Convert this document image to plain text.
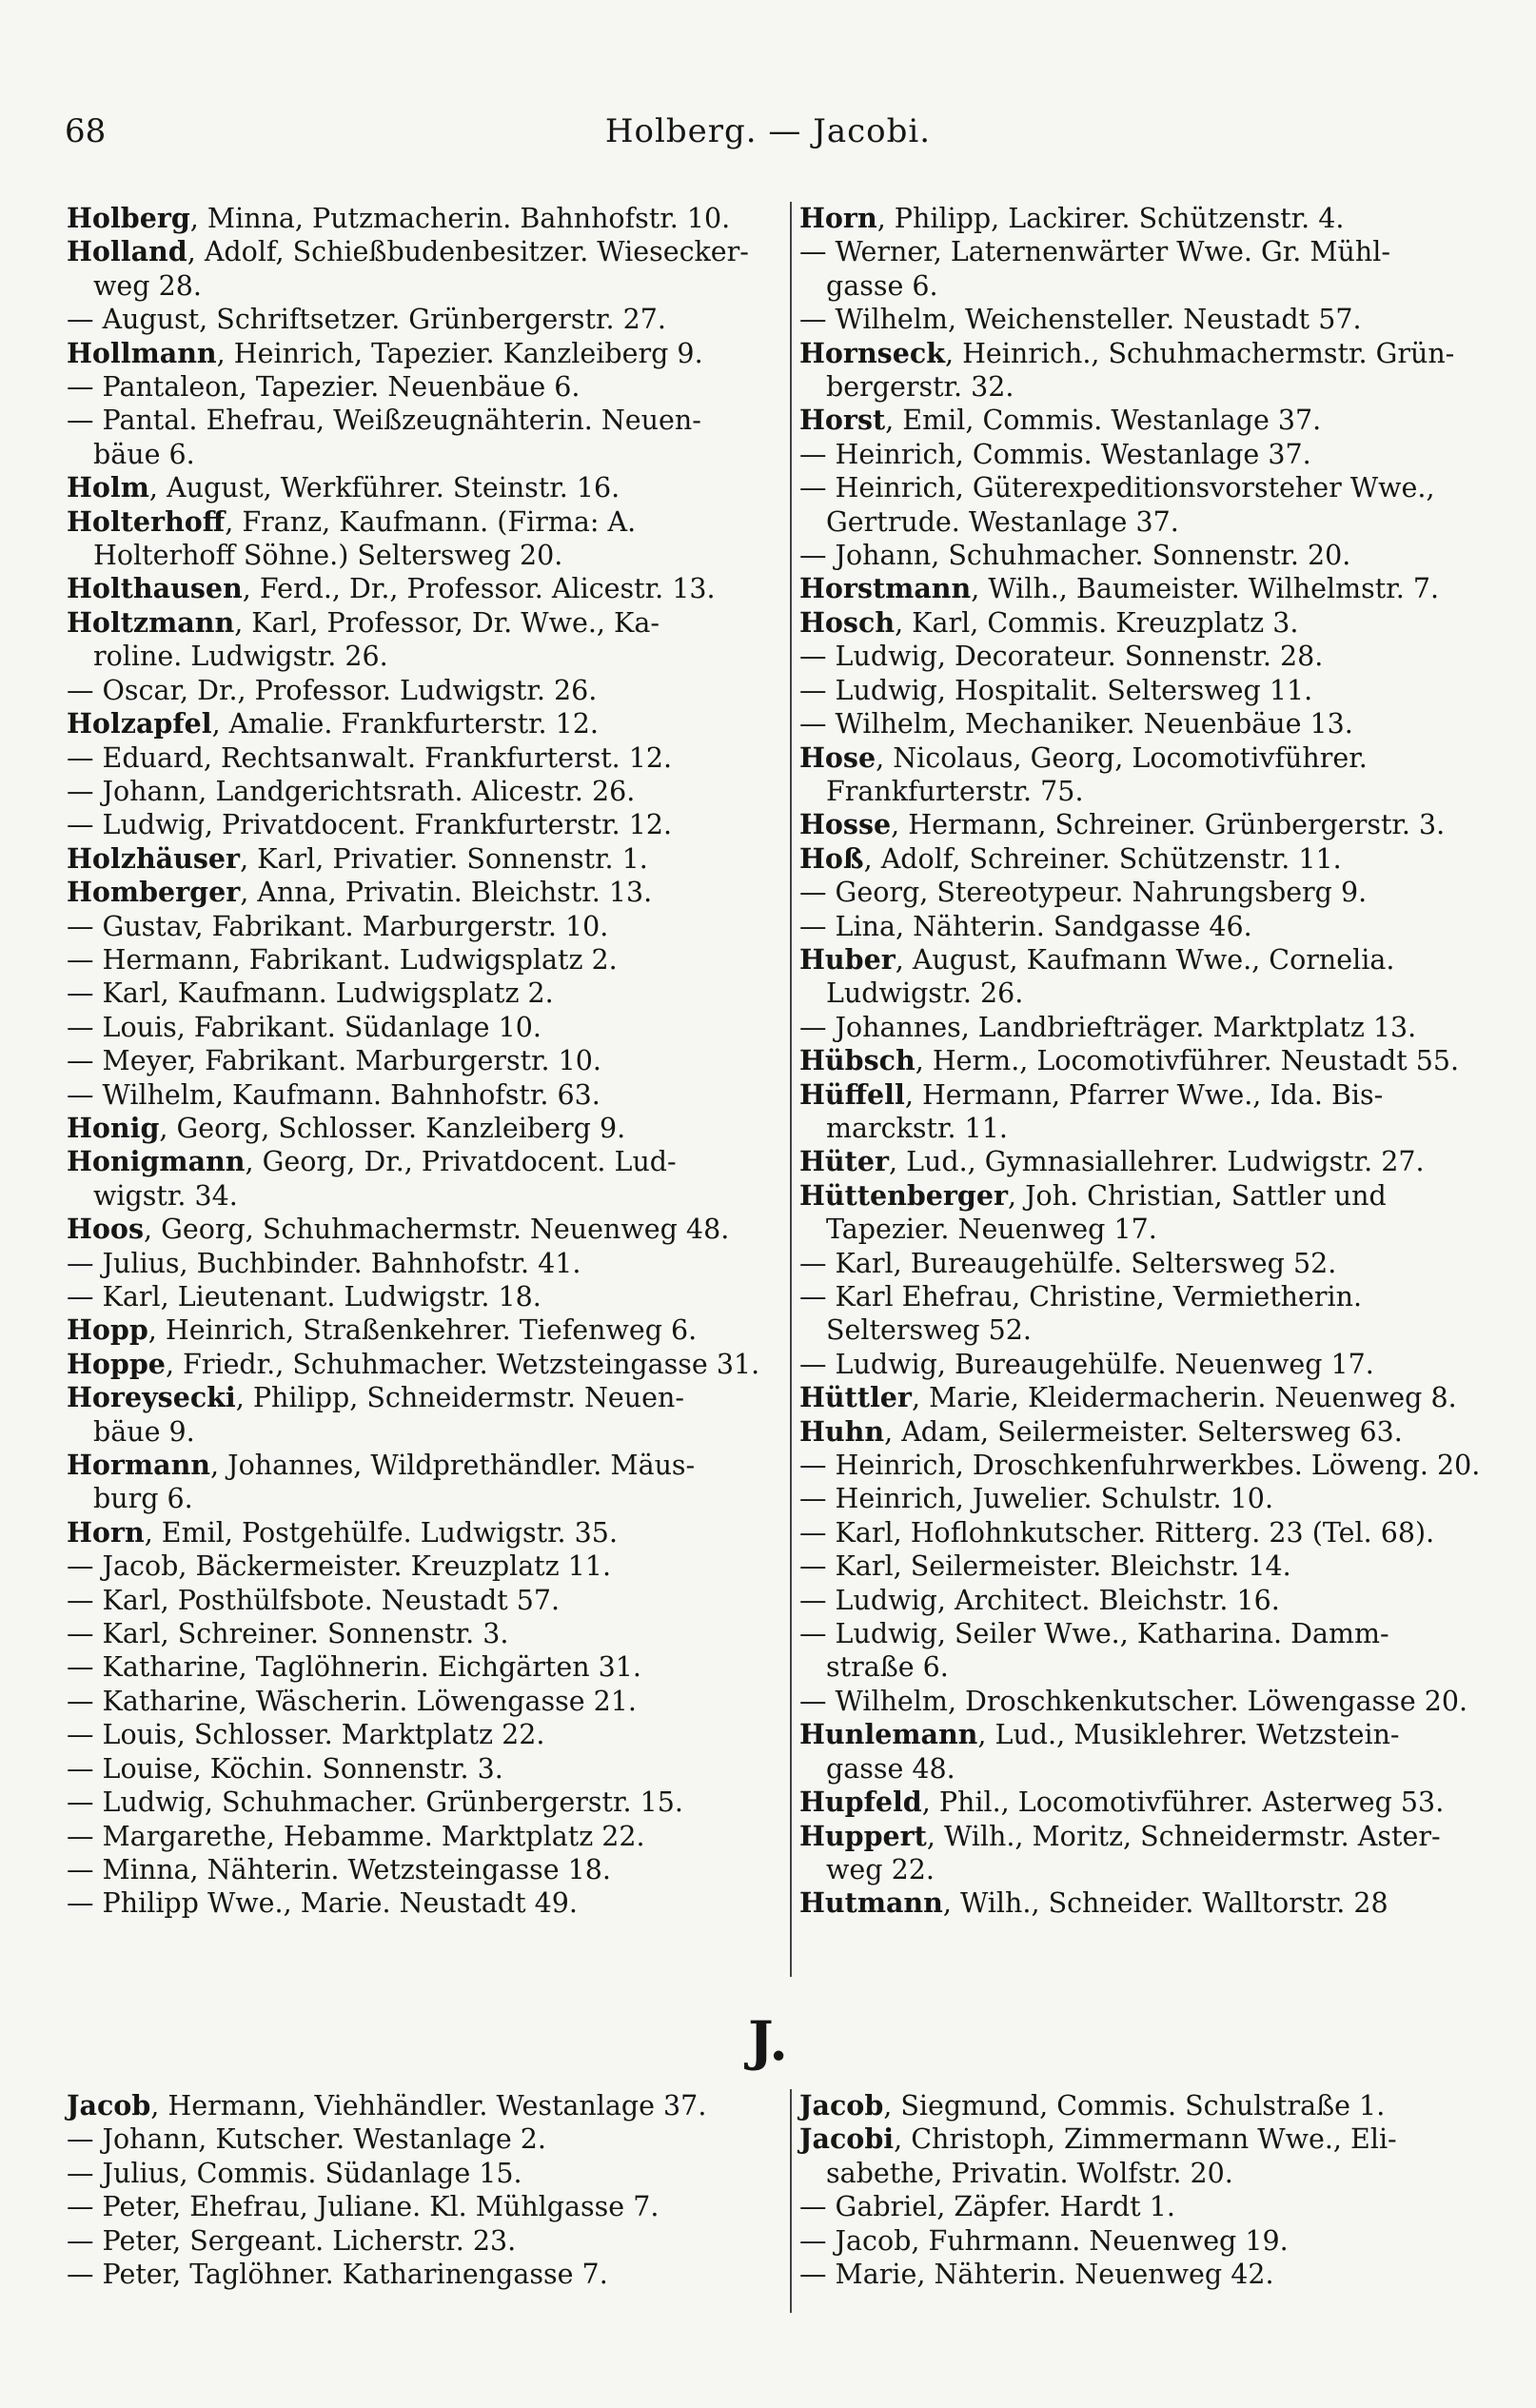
68	Holberg. — Jacobi.
Holberg, Minna, Putzmacherin. Bahnhofstr. 10.
Holland, Adolf, Schießbudenbesitzer. Wiesecker-
weg 28.
— August, Schriftsetzer. Grünbergerstr. 27.
Hollmann, Heinrich, Tapezier. Kanzleiberg 9.
— Pantaleon, Tapezier. Neuenbäue 6.
— Pantal. Ehefrau, Weißzeugnähterin. Neuen-
bäue 6.
Holm, August, Werkführer. Steinstr. 16.
Holterhoff, Franz, Kaufmann. (Firma: A.
Holterhoff Söhne.) Seltersweg 20.
Holthausen, Ferd., Dr., Professor. Alicestr. 13.
Holtzmann, Karl, Professor, Dr. Wwe., Ka-
roline. Ludwigstr. 26.
— Oscar, Dr., Professor. Ludwigstr. 26.
Holzapfel, Amalie. Frankfurterstr. 12.
— Eduard, Rechtsanwalt. Frankfurterst. 12.
— Johann, Landgerichtsrath. Alicestr. 26.
— Ludwig, Privatdocent. Frankfurterstr. 12.
Holzhäuser, Karl, Privatier. Sonnenstr. 1.
Homberger, Anna, Privatin. Bleichstr. 13.
— Gustav, Fabrikant. Marburgerstr. 10.
— Hermann, Fabrikant. Ludwigsplatz 2.
— Karl, Kaufmann. Ludwigsplatz 2.
— Louis, Fabrikant. Südanlage 10.
— Meyer, Fabrikant. Marburgerstr. 10.
— Wilhelm, Kaufmann. Bahnhofstr. 63.
Honig, Georg, Schlosser. Kanzleiberg 9.
Honigmann, Georg, Dr., Privatdocent. Lud-
wigstr. 34.
Hoos, Georg, Schuhmachermstr. Neuenweg 48.
— Julius, Buchbinder. Bahnhofstr. 41.
— Karl, Lieutenant. Ludwigstr. 18.
Hopp, Heinrich, Straßenkehrer. Tiefenweg 6.
Hoppe, Friedr., Schuhmacher. Wetzsteingasse 31.
Horeysecki, Philipp, Schneidermstr. Neuen-
bäue 9.
Hormann, Johannes, Wildprethändler. Mäus-
burg 6.
Horn, Emil, Postgehülfe. Ludwigstr. 35.
— Jacob, Bäckermeister. Kreuzplatz 11.
— Karl, Posthülfsbote. Neustadt 57.
— Karl, Schreiner. Sonnenstr. 3.
— Katharine, Taglöhnerin. Eichgärten 31.
— Katharine, Wäscherin. Löwengasse 21.
— Louis, Schlosser. Marktplatz 22.
— Louise, Köchin. Sonnenstr. 3.
— Ludwig, Schuhmacher. Grünbergerstr. 15.
— Margarethe, Hebamme. Marktplatz 22.
— Minna, Nähterin. Wetzsteingasse 18.
— Philipp Wwe., Marie. Neustadt 49.
Horn, Philipp, Lackirer. Schützenstr. 4.
— Werner, Laternenwärter Wwe. Gr. Mühl-
gasse 6.
— Wilhelm, Weichensteller. Neustadt 57.
Hornseck, Heinrich., Schuhmachermstr. Grün-
bergerstr. 32.
Horst, Emil, Commis. Westanlage 37.
— Heinrich, Commis. Westanlage 37.
— Heinrich, Güterexpeditionsvorsteher Wwe.,
Gertrude. Westanlage 37.
— Johann, Schuhmacher. Sonnenstr. 20.
Horstmann, Wilh., Baumeister. Wilhelmstr. 7.
Hosch, Karl, Commis. Kreuzplatz 3.
— Ludwig, Decorateur. Sonnenstr. 28.
— Ludwig, Hospitalit. Seltersweg 11.
— Wilhelm, Mechaniker. Neuenbäue 13.
Hose, Nicolaus, Georg, Locomotivführer.
Frankfurterstr. 75.
Hosse, Hermann, Schreiner. Grünbergerstr. 3.
Hoß, Adolf, Schreiner. Schützenstr. 11.
— Georg, Stereotypeur. Nahrungsberg 9.
— Lina, Nähterin. Sandgasse 46.
Huber, August, Kaufmann Wwe., Cornelia.
Ludwigstr. 26.
— Johannes, Landbriefträger. Marktplatz 13.
Hübsch, Herm., Locomotivführer. Neustadt 55.
Hüffell, Hermann, Pfarrer Wwe., Ida. Bis-
marckstr. 11.
Hüter, Lud., Gymnasiallehrer. Ludwigstr. 27.
Hüttenberger, Joh. Christian, Sattler und
Tapezier. Neuenweg 17.
— Karl, Bureaugehülfe. Seltersweg 52.
— Karl Ehefrau, Christine, Vermietherin.
Seltersweg 52.
— Ludwig, Bureaugehülfe. Neuenweg 17.
Hüttler, Marie, Kleidermacherin. Neuenweg 8.
Huhn, Adam, Seilermeister. Seltersweg 63.
— Heinrich, Droschkenfuhrwerkbes. Löweng. 20.
— Heinrich, Juwelier. Schulstr. 10.
— Karl, Hoflohnkutscher. Ritterg. 23 (Tel. 68).
— Karl, Seilermeister. Bleichstr. 14.
— Ludwig, Architect. Bleichstr. 16.
— Ludwig, Seiler Wwe., Katharina. Damm-
straße 6.
— Wilhelm, Droschkenkutscher. Löwengasse 20.
Hunlemann, Lud., Musiklehrer. Wetzstein-
gasse 48.
Hupfeld, Phil., Locomotivführer. Asterweg 53.
Huppert, Wilh., Moritz, Schneidermstr. Aster-
weg 22.
Hutmann, Wilh., Schneider. Walltorstr. 28
J.
Jacob, Hermann, Viehhändler. Westanlage 37.
— Johann, Kutscher. Westanlage 2.
— Julius, Commis. Südanlage 15.
— Peter, Ehefrau, Juliane. Kl. Mühlgasse 7.
— Peter, Sergeant. Licherstr. 23.
— Peter, Taglöhner. Katharinengasse 7.
Jacob, Siegmund, Commis. Schulstraße 1.
Jacobi, Christoph, Zimmermann Wwe., Eli-
sabethe, Privatin. Wolfstr. 20.
— Gabriel, Zäpfer. Hardt 1.
— Jacob, Fuhrmann. Neuenweg 19.
— Marie, Nähterin. Neuenweg 42.
